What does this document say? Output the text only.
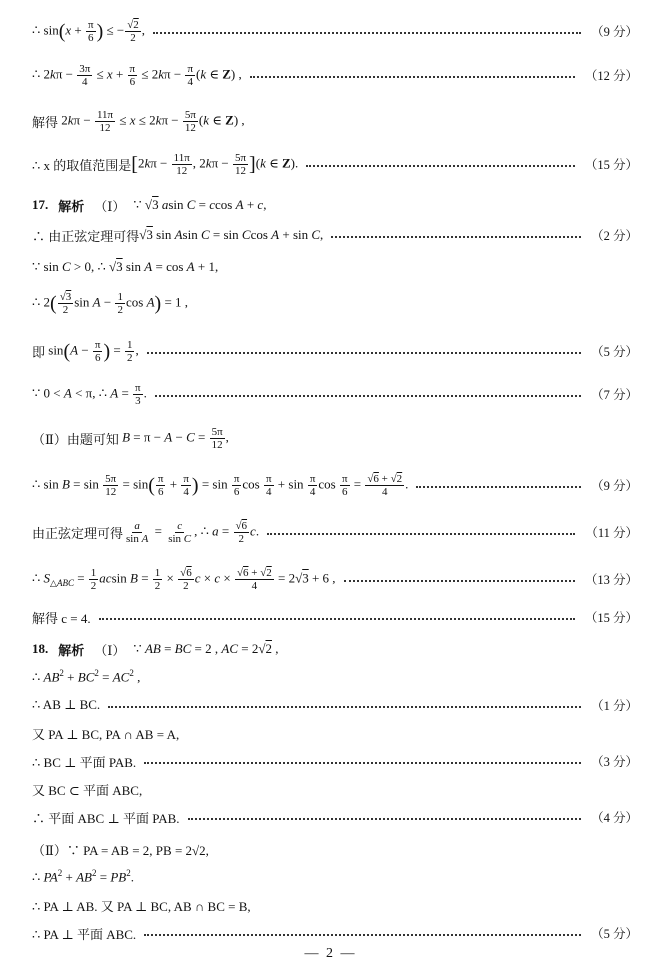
∴ $\sin(x + \frac{\pi}{6}$ ) ≤ − $\frac{√2}{2}$ ,	（9 分）
∴ $2k\pi - \frac{3\pi}{4} \le x + \frac{\pi}{6} \le 2k\pi - \frac{\pi}{4} (k$ ∈ Z) ,	（12 分）
解得 $2k\pi - \frac{11\pi}{12} \le x \le 2k\pi - \frac{5\pi}{12} (k$ ∈ Z) ,
∴ x 的取值范围是 [$2k\pi - \frac{11\pi}{12}$ , $2k\pi - \frac{5\pi}{12} ](k$ ∈ Z).	（15 分）
17. 解析 （Ⅰ） ∵ √3 asin C = ccos A + c,
∴ 由正弦定理可得 √3 sin Asin C = sin Ccos A + sin C,	（2 分）
∵ sin C > 0, ∴ √3 sin A = cos A + 1,
∴ $2( \frac{√3}{2}$ $\sin A - \frac{1}{2}$ cos A) = 1 ,
即 $\sin(A - \frac{\pi}{6}$ ) = $\frac{1}{2}$ ,	（5 分）
∵ 0 < A < π, ∴ $A = \frac{\pi}{3}$ .	（7 分）
（Ⅱ）由题可知 $B = \pi - A - C = \frac{5\pi}{12}$ ,
∴ $\sin B = \sin \frac{5\pi}{12} = \sin( \frac{\pi}{6} + \frac{\pi}{4}$ ) = $\sin \frac{\pi}{6}$ $\cos \frac{\pi}{4} + \sin \frac{\pi}{4}$ $\cos \frac{\pi}{6} = \frac{√6 + √2}{4}$ .	（9 分）
由正弦定理可得 $\frac{a}{\text{sin A}} = \frac{c}{\text{sin C}}$ , ∴ $a = \frac{√6}{2} c$.	（11 分）
∴ $S_{\triangle ABC} = \frac{1}{2}$ acsin $B = \frac{1}{2} \times \frac{√6}{2}$ $c \times c \times \frac{√6 + √2}{4} = 2√3 + 6$ ,	（13 分）
解得 c = 4.	（15 分）
18. 解析 （Ⅰ） ∵ AB = BC = 2 , AC = 2√2 ,
∴ $AB^2 + BC^2 = AC^2$ ,
∴ AB ⊥ BC.	（1 分）
又 PA ⊥ BC, PA ∩ AB = A,
∴ BC ⊥ 平面 PAB.	（3 分）
又 BC ⊂ 平面 ABC,
∴ 平面 ABC ⊥ 平面 PAB.	（4 分）
（Ⅱ）∵ PA = AB = 2, PB = 2√2,
∴ $PA^2 + AB^2 = PB^2$.
∴ PA ⊥ AB. 又 PA ⊥ BC, AB ∩ BC = B,
∴ PA ⊥ 平面 ABC.	（5 分）
— 2 —
